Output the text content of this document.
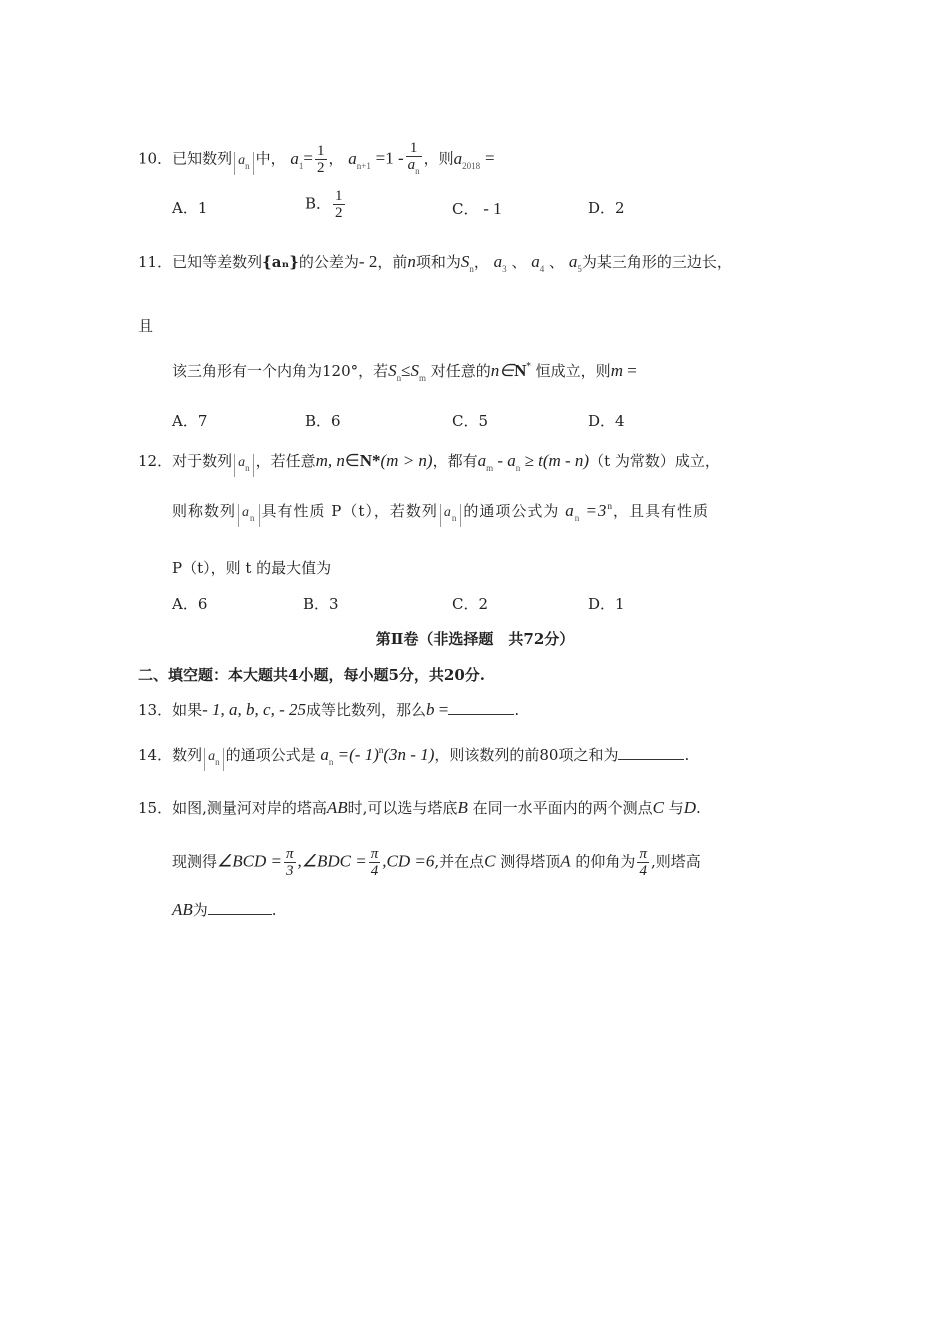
10．已知数列 $a_n$ 中， $a_1= \frac{1}{2}$ ， $a_{n+1} =1 - \frac{1}{a_n}$ ，则$a_{2018}$ =
A．1	B． $\frac{1}{2}$	C． - 1	D．2
11．已知等差数列{aₙ}的公差为- 2，前n项和为$S_n$， $a_3$ 、 $a_4$ 、 $a_5$为某三角形的三边长，
且
该三角形有一个内角为120°，若$S_n\le S_m$ 对任意的n∈N* 恒成立，则m =
A．7	B．6	C．5	D．4
12．对于数列 $a_n$ ，若任意m, n∈N*(m > n)，都有$a_m - a_n \ge t(m - n)(t$ 为常数）成立，
则称数列 $a_n$ 具有性质 P（t），若数列 $a_n$ 的通项公式为 $a_n =3^n$，且具有性质
P（t），则 t 的最大值为
A．6	B．3	C．2	D．1
第Ⅱ卷（非选择题　共72分）
二、填空题：本大题共4小题，每小题5分，共20分.
13．如果- 1, a, b, c, - 25成等比数列，那么b =	.
14．数列 $a_n$ 的通项公式是 $a_n$ =(- 1)$^n$(3n - 1)，则该数列的前80项之和为	.
15．如图,测量河对岸的塔高AB时,可以选与塔底B 在同一水平面内的两个测点C 与D.
现测得∠BCD = $\frac{\pi}{3}$ ,∠BDC = $\frac{\pi}{4} ,CD =6$,并在点C 测得塔顶A 的仰角为 $\frac{\pi}{4}$ ,则塔高
AB为	.
